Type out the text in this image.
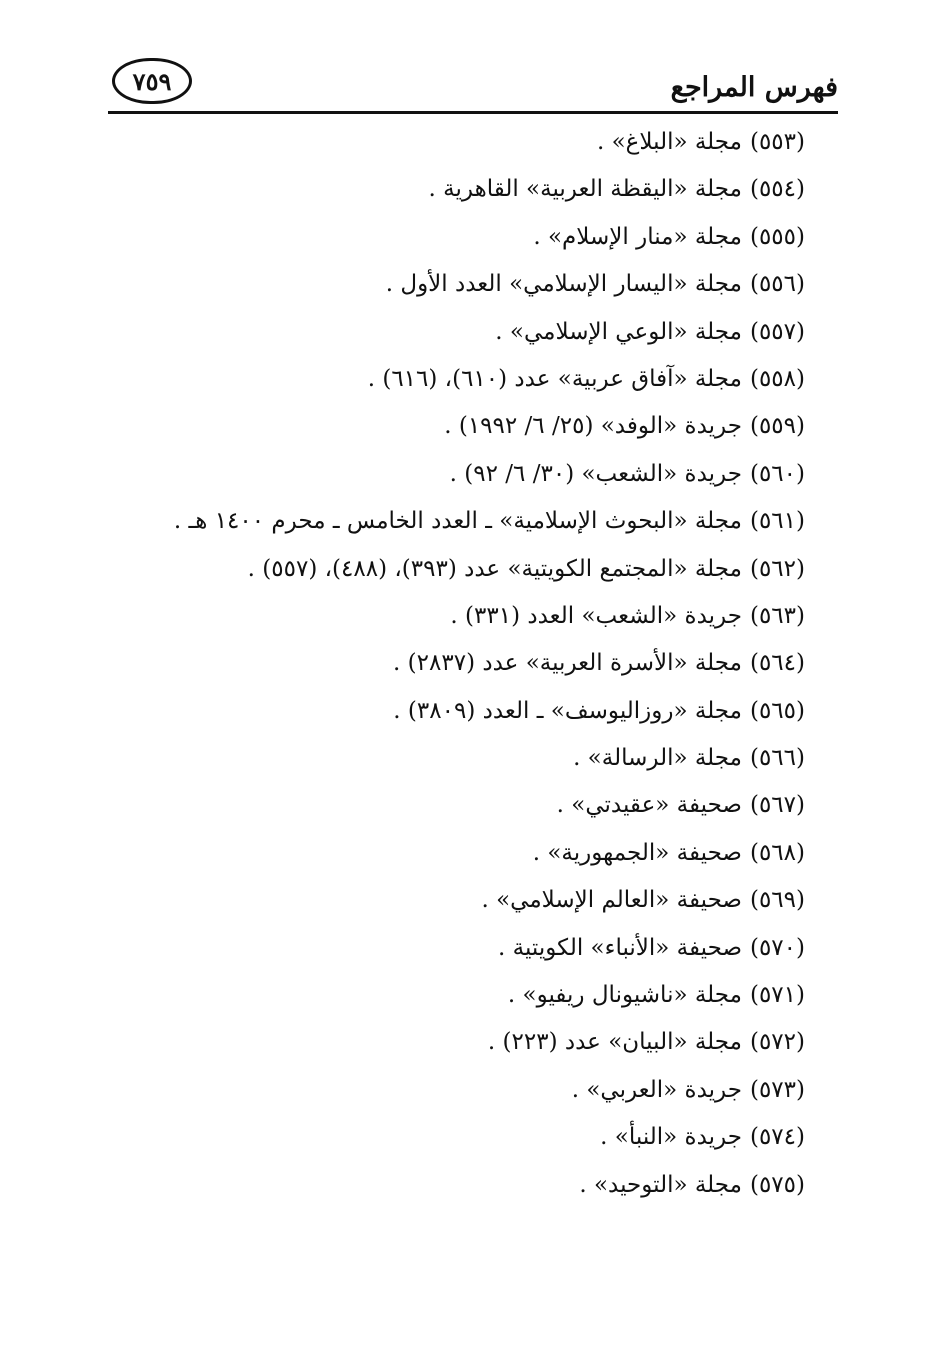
فهرس المراجع
٧٥٩
(٥٥٣)مجلة «البلاغ» .
(٥٥٤)مجلة «اليقظة العربية» القاهرية .
(٥٥٥)مجلة «منار الإسلام» .
(٥٥٦)مجلة «اليسار الإسلامي» العدد الأول .
(٥٥٧)مجلة «الوعي الإسلامي» .
(٥٥٨)مجلة «آفاق عربية» عدد (٦١٠)، (٦١٦) .
(٥٥٩)جريدة «الوفد» (٢٥/ ٦/ ١٩٩٢) .
(٥٦٠)جريدة «الشعب» (٣٠/ ٦/ ٩٢) .
(٥٦١)مجلة «البحوث الإسلامية» ـ العدد الخامس ـ محرم ١٤٠٠ هـ .
(٥٦٢)مجلة «المجتمع الكويتية» عدد (٣٩٣)، (٤٨٨)، (٥٥٧) .
(٥٦٣)جريدة «الشعب» العدد (٣٣١) .
(٥٦٤)مجلة «الأسرة العربية» عدد (٢٨٣٧) .
(٥٦٥)مجلة «روزاليوسف» ـ العدد (٣٨٠٩) .
(٥٦٦)مجلة «الرسالة» .
(٥٦٧)صحيفة «عقيدتي» .
(٥٦٨)صحيفة «الجمهورية» .
(٥٦٩)صحيفة «العالم الإسلامي» .
(٥٧٠)صحيفة «الأنباء» الكويتية .
(٥٧١)مجلة «ناشيونال ريفيو» .
(٥٧٢)مجلة «البيان» عدد (٢٢٣) .
(٥٧٣)جريدة «العربي» .
(٥٧٤)جريدة «النبأ» .
(٥٧٥)مجلة «التوحيد» .
